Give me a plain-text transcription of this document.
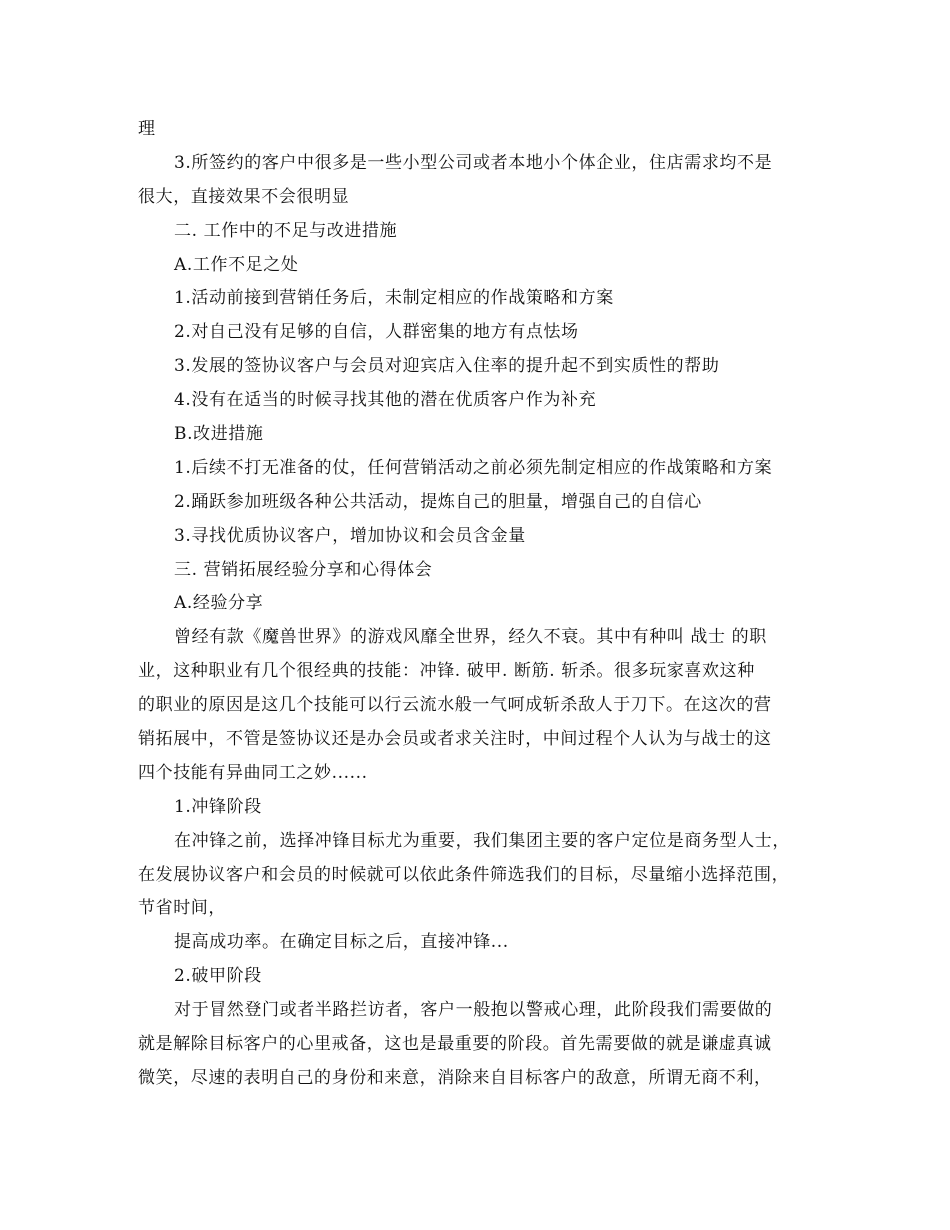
理
3.所签约的客户中很多是一些小型公司或者本地小个体企业，住店需求均不是
很大，直接效果不会很明显
二. 工作中的不足与改进措施
A.工作不足之处
1.活动前接到营销任务后，未制定相应的作战策略和方案
2.对自己没有足够的自信，人群密集的地方有点怯场
3.发展的签协议客户与会员对迎宾店入住率的提升起不到实质性的帮助
4.没有在适当的时候寻找其他的潜在优质客户作为补充
B.改进措施
1.后续不打无准备的仗，任何营销活动之前必须先制定相应的作战策略和方案
2.踊跃参加班级各种公共活动，提炼自己的胆量，增强自己的自信心
3.寻找优质协议客户，增加协议和会员含金量
三. 营销拓展经验分享和心得体会
A.经验分享
曾经有款《魔兽世界》的游戏风靡全世界，经久不衰。其中有种叫 战士 的职
业，这种职业有几个很经典的技能：冲锋. 破甲. 断筋. 斩杀。很多玩家喜欢这种
的职业的原因是这几个技能可以行云流水般一气呵成斩杀敌人于刀下。在这次的营
销拓展中，不管是签协议还是办会员或者求关注时，中间过程个人认为与战士的这
四个技能有异曲同工之妙......
1.冲锋阶段
在冲锋之前，选择冲锋目标尤为重要，我们集团主要的客户定位是商务型人士，
在发展协议客户和会员的时候就可以依此条件筛选我们的目标，尽量缩小选择范围，
节省时间，
提高成功率。在确定目标之后，直接冲锋...
2.破甲阶段
对于冒然登门或者半路拦访者，客户一般抱以警戒心理，此阶段我们需要做的
就是解除目标客户的心里戒备，这也是最重要的阶段。首先需要做的就是谦虚真诚
微笑，尽速的表明自己的身份和来意，消除来自目标客户的敌意，所谓无商不利，
